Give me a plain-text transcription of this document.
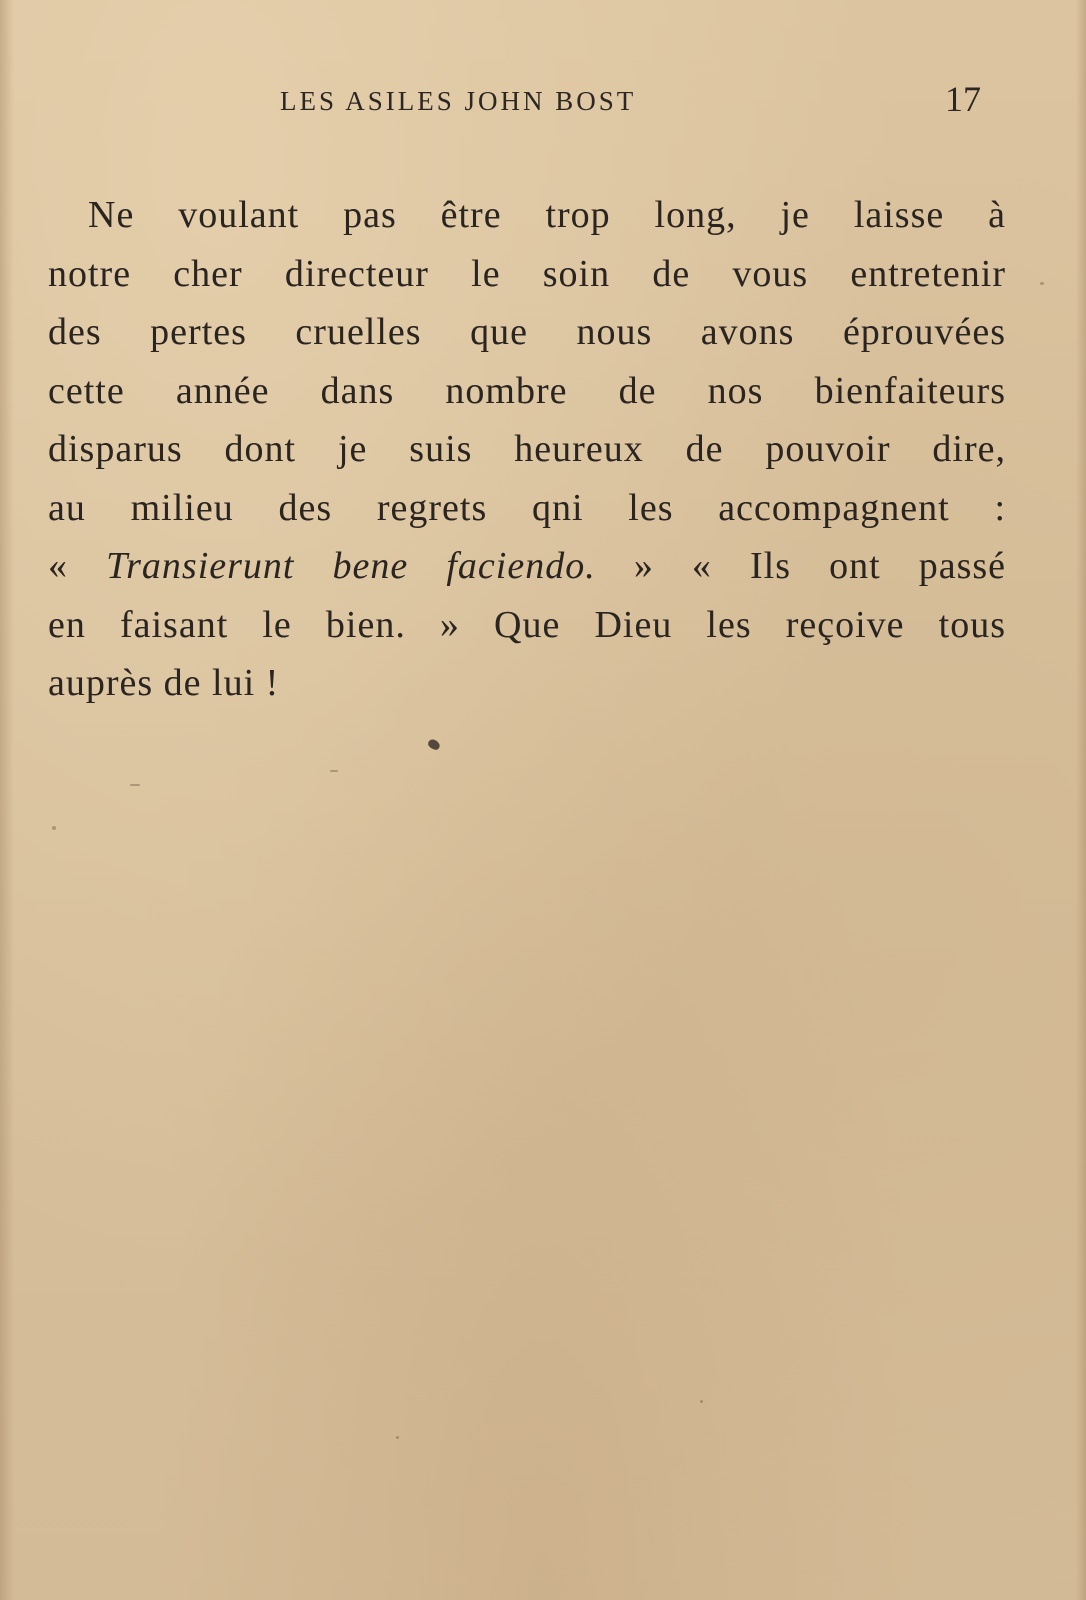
LES ASILES JOHN BOST	17
Ne voulant pas être trop long, je laisse à
notre cher directeur le soin de vous entretenir
des pertes cruelles que nous avons éprouvées
cette année dans nombre de nos bienfaiteurs
disparus dont je suis heureux de pouvoir dire,
au milieu des regrets qni les accompagnent :
« Transierunt bene faciendo. » « Ils ont passé
en faisant le bien. » Que Dieu les reçoive tous
auprès de lui !
